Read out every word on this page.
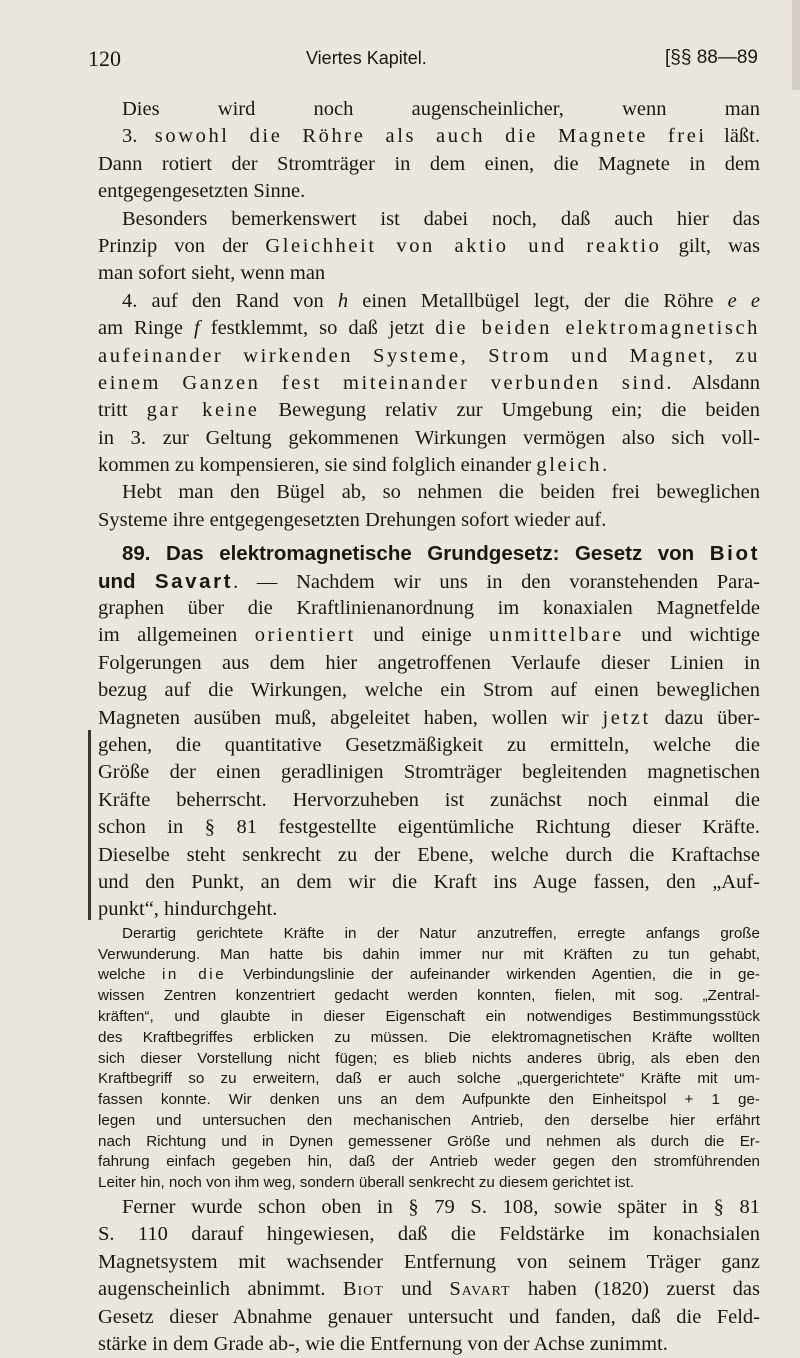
120	Viertes Kapitel.	[§§ 88—89
Dies wird noch augenscheinlicher, wenn man
3. sowohl die Röhre als auch die Magnete frei läßt.
Dann rotiert der Stromträger in dem einen, die Magnete in dem
entgegengesetzten Sinne.
Besonders bemerkenswert ist dabei noch, daß auch hier das
Prinzip von der Gleichheit von aktio und reaktio gilt, was
man sofort sieht, wenn man
4. auf den Rand von h einen Metallbügel legt, der die Röhre e e
am Ringe f festklemmt, so daß jetzt die beiden elektromagnetisch
aufeinander wirkenden Systeme, Strom und Magnet, zu
einem Ganzen fest miteinander verbunden sind. Alsdann
tritt gar keine Bewegung relativ zur Umgebung ein; die beiden
in 3. zur Geltung gekommenen Wirkungen vermögen also sich voll-
kommen zu kompensieren, sie sind folglich einander gleich.
Hebt man den Bügel ab, so nehmen die beiden frei beweglichen
Systeme ihre entgegengesetzten Drehungen sofort wieder auf.
89. Das elektromagnetische Grundgesetz: Gesetz von Biot
und Savart. — Nachdem wir uns in den voranstehenden Para-
graphen über die Kraftlinienanordnung im konaxialen Magnetfelde
im allgemeinen orientiert und einige unmittelbare und wichtige
Folgerungen aus dem hier angetroffenen Verlaufe dieser Linien in
bezug auf die Wirkungen, welche ein Strom auf einen beweglichen
Magneten ausüben muß, abgeleitet haben, wollen wir jetzt dazu über-
gehen, die quantitative Gesetzmäßigkeit zu ermitteln, welche die
Größe der einen geradlinigen Stromträger begleitenden magnetischen
Kräfte beherrscht. Hervorzuheben ist zunächst noch einmal die
schon in § 81 festgestellte eigentümliche Richtung dieser Kräfte.
Dieselbe steht senkrecht zu der Ebene, welche durch die Kraftachse
und den Punkt, an dem wir die Kraft ins Auge fassen, den „Auf-
punkt“, hindurchgeht.
Derartig gerichtete Kräfte in der Natur anzutreffen, erregte anfangs große
Verwunderung. Man hatte bis dahin immer nur mit Kräften zu tun gehabt,
welche in die Verbindungslinie der aufeinander wirkenden Agentien, die in ge-
wissen Zentren konzentriert gedacht werden konnten, fielen, mit sog. „Zentral-
kräften“, und glaubte in dieser Eigenschaft ein notwendiges Bestimmungsstück
des Kraftbegriffes erblicken zu müssen. Die elektromagnetischen Kräfte wollten
sich dieser Vorstellung nicht fügen; es blieb nichts anderes übrig, als eben den
Kraftbegriff so zu erweitern, daß er auch solche „quergerichtete“ Kräfte mit um-
fassen konnte. Wir denken uns an dem Aufpunkte den Einheitspol + 1 ge-
legen und untersuchen den mechanischen Antrieb, den derselbe hier erfährt
nach Richtung und in Dynen gemessener Größe und nehmen als durch die Er-
fahrung einfach gegeben hin, daß der Antrieb weder gegen den stromführenden
Leiter hin, noch von ihm weg, sondern überall senkrecht zu diesem gerichtet ist.
Ferner wurde schon oben in § 79 S. 108, sowie später in § 81
S. 110 darauf hingewiesen, daß die Feldstärke im konachsialen
Magnetsystem mit wachsender Entfernung von seinem Träger ganz
augenscheinlich abnimmt. Biot und Savart haben (1820) zuerst das
Gesetz dieser Abnahme genauer untersucht und fanden, daß die Feld-
stärke in dem Grade ab-, wie die Entfernung von der Achse zunimmt.
